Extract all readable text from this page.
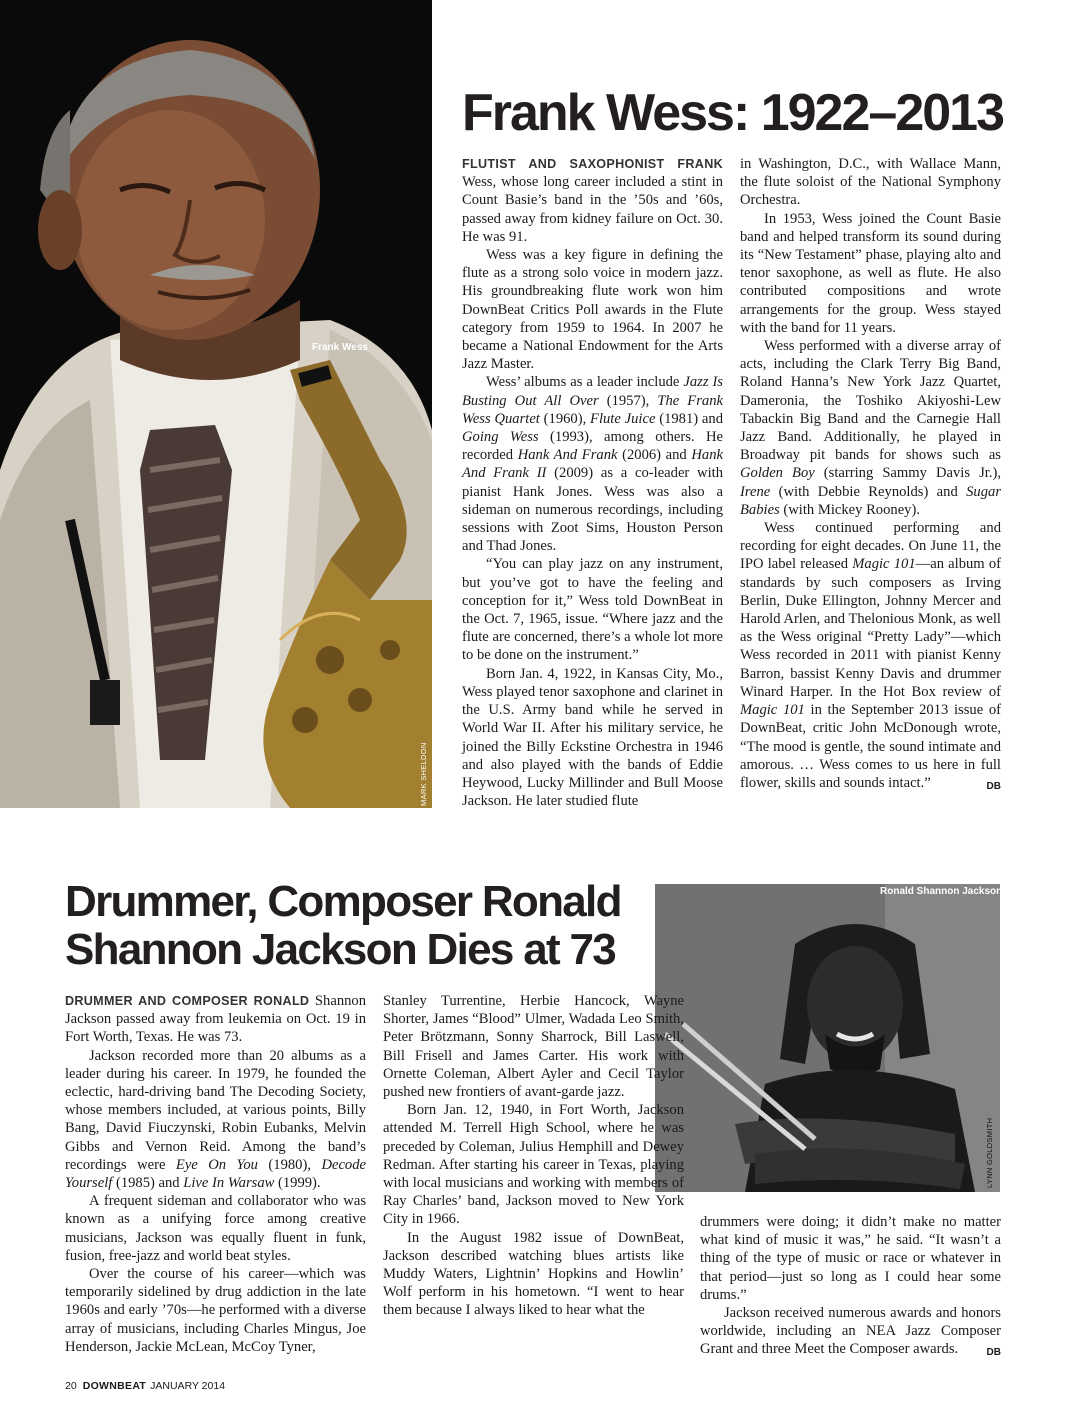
Frank Wess
MARK SHELDON
Frank Wess: 1922–2013

FLUTIST AND SAXOPHONIST FRANK Wess, whose long career included a stint in Count Basie’s band in the ’50s and ’60s, passed away from kidney failure on Oct. 30. He was 91.

Wess was a key figure in defining the flute as a strong solo voice in modern jazz. His groundbreaking flute work won him DownBeat Critics Poll awards in the Flute category from 1959 to 1964. In 2007 he became a National Endowment for the Arts Jazz Master.

Wess’ albums as a leader include Jazz Is Busting Out All Over (1957), The Frank Wess Quartet (1960), Flute Juice (1981) and Going Wess (1993), among others. He recorded Hank And Frank (2006) and Hank And Frank II (2009) as a co-leader with pianist Hank Jones. Wess was also a sideman on numerous recordings, including sessions with Zoot Sims, Houston Person and Thad Jones.

“You can play jazz on any instrument, but you’ve got to have the feeling and conception for it,” Wess told DownBeat in the Oct. 7, 1965, issue. “Where jazz and the flute are concerned, there’s a whole lot more to be done on the instrument.”

Born Jan. 4, 1922, in Kansas City, Mo., Wess played tenor saxophone and clarinet in the U.S. Army band while he served in World War II. After his military service, he joined the Billy Eckstine Orchestra in 1946 and also played with the bands of Eddie Heywood, Lucky Millinder and Bull Moose Jackson. He later studied flute

in Washington, D.C., with Wallace Mann, the flute soloist of the National Symphony Orchestra.

In 1953, Wess joined the Count Basie band and helped transform its sound during its “New Testament” phase, playing alto and tenor saxophone, as well as flute. He also contributed compositions and wrote arrangements for the group. Wess stayed with the band for 11 years.

Wess performed with a diverse array of acts, including the Clark Terry Big Band, Roland Hanna’s New York Jazz Quartet, Dameronia, the Toshiko Akiyoshi-Lew Tabackin Big Band and the Carnegie Hall Jazz Band. Additionally, he played in Broadway pit bands for shows such as Golden Boy (starring Sammy Davis Jr.), Irene (with Debbie Reynolds) and Sugar Babies (with Mickey Rooney).

Wess continued performing and recording for eight decades. On June 11, the IPO label released Magic 101—an album of standards by such composers as Irving Berlin, Duke Ellington, Johnny Mercer and Harold Arlen, and Thelonious Monk, as well as the Wess original “Pretty Lady”—which Wess recorded in 2011 with pianist Kenny Barron, bassist Kenny Davis and drummer Winard Harper. In the Hot Box review of Magic 101 in the September 2013 issue of DownBeat, critic John McDonough wrote, “The mood is gentle, the sound intimate and amorous. … Wess comes to us here in full flower, skills and sounds intact.”	DB

Drummer, Composer Ronald Shannon Jackson Dies at 73
Ronald Shannon Jackson
LYNN GOLDSMITH

DRUMMER AND COMPOSER RONALD Shannon Jackson passed away from leukemia on Oct. 19 in Fort Worth, Texas. He was 73.

Jackson recorded more than 20 albums as a leader during his career. In 1979, he founded the eclectic, hard-driving band The Decoding Society, whose members included, at various points, Billy Bang, David Fiuczynski, Robin Eubanks, Melvin Gibbs and Vernon Reid. Among the band’s recordings were Eye On You (1980), Decode Yourself (1985) and Live In Warsaw (1999).

A frequent sideman and collaborator who was known as a unifying force among creative musicians, Jackson was equally fluent in funk, fusion, free-jazz and world beat styles.

Over the course of his career—which was temporarily sidelined by drug addiction in the late 1960s and early ’70s—he performed with a diverse array of musicians, including Charles Mingus, Joe Henderson, Jackie McLean, McCoy Tyner,

Stanley Turrentine, Herbie Hancock, Wayne Shorter, James “Blood” Ulmer, Wadada Leo Smith, Peter Brötzmann, Sonny Sharrock, Bill Laswell, Bill Frisell and James Carter. His work with Ornette Coleman, Albert Ayler and Cecil Taylor pushed new frontiers of avant-garde jazz.

Born Jan. 12, 1940, in Fort Worth, Jackson attended M. Terrell High School, where he was preceded by Coleman, Julius Hemphill and Dewey Redman. After starting his career in Texas, playing with local musicians and working with members of Ray Charles’ band, Jackson moved to New York City in 1966.

In the August 1982 issue of DownBeat, Jackson described watching blues artists like Muddy Waters, Lightnin’ Hopkins and Howlin’ Wolf perform in his hometown. “I went to hear them because I always liked to hear what the

drummers were doing; it didn’t make no matter what kind of music it was,” he said. “It wasn’t a thing of the type of music or race or whatever in that period—just so long as I could hear some drums.”

Jackson received numerous awards and honors worldwide, including an NEA Jazz Composer Grant and three Meet the Composer awards.	DB

20 DOWNBEAT JANUARY 2014
